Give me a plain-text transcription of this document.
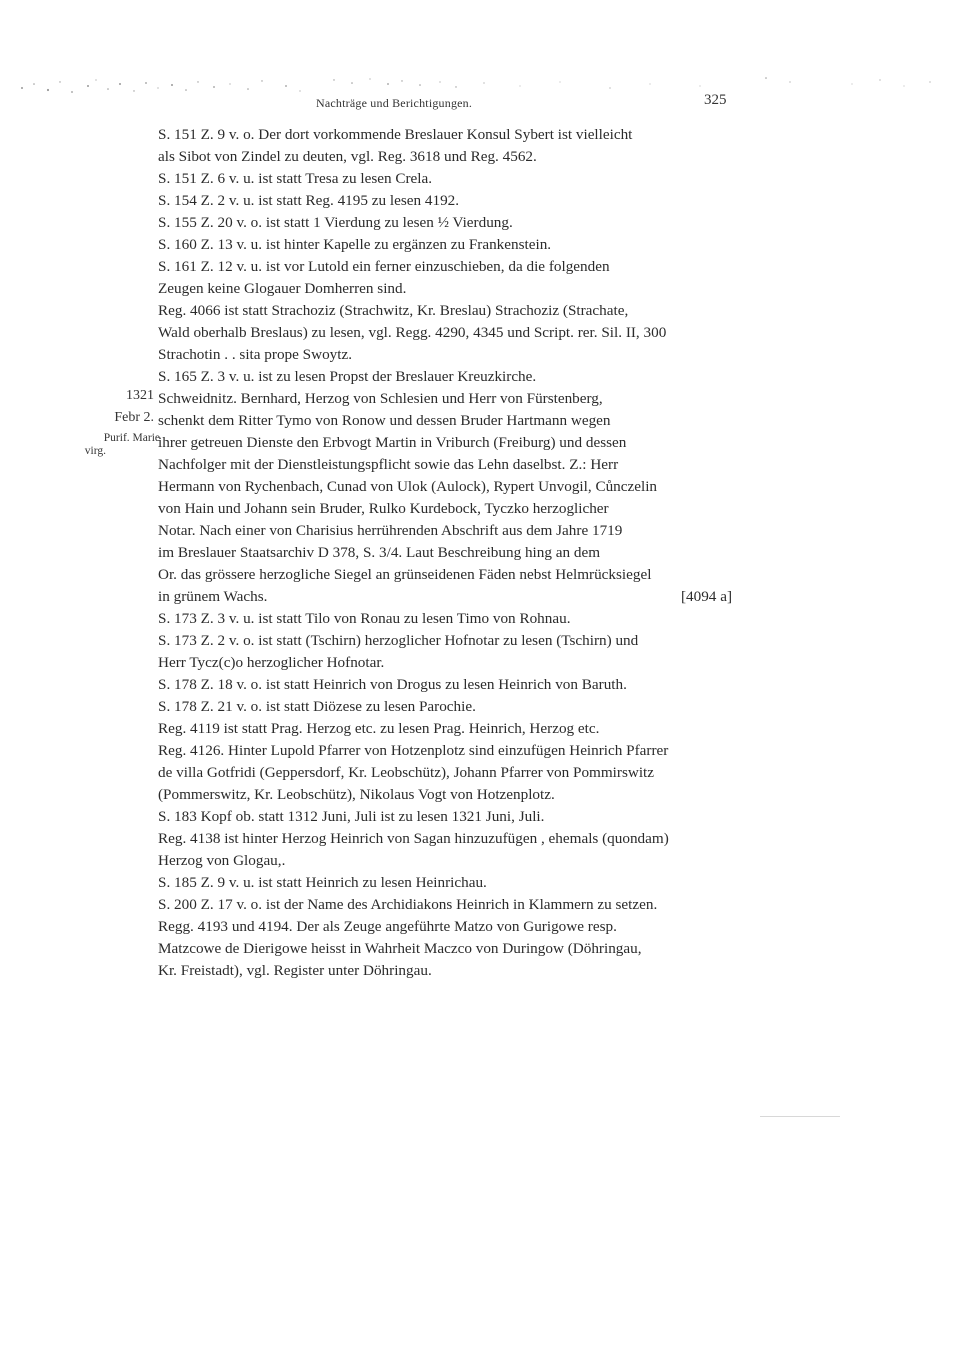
Nachträge und Berichtigungen.	325
1321
Febr 2.
Purif. Marie
virg.
S. 151 Z. 9 v. o. Der dort vorkommende Breslauer Konsul Sybert ist vielleicht
als Sibot von Zindel zu deuten, vgl. Reg. 3618 und Reg. 4562.
S. 151 Z. 6 v. u. ist statt Tresa zu lesen Crela.
S. 154 Z. 2 v. u. ist statt Reg. 4195 zu lesen 4192.
S. 155 Z. 20 v. o. ist statt 1 Vierdung zu lesen ½ Vierdung.
S. 160 Z. 13 v. u. ist hinter Kapelle zu ergänzen zu Frankenstein.
S. 161 Z. 12 v. u. ist vor Lutold ein ferner einzuschieben, da die folgenden
Zeugen keine Glogauer Domherren sind.
Reg. 4066 ist statt Strachoziz (Strachwitz, Kr. Breslau) Strachoziz (Strachate,
Wald oberhalb Breslaus) zu lesen, vgl. Regg. 4290, 4345 und Script. rer. Sil. II, 300
Strachotin . . sita prope Swoytz.
S. 165 Z. 3 v. u. ist zu lesen Propst der Breslauer Kreuzkirche.
Schweidnitz. Bernhard, Herzog von Schlesien und Herr von Fürstenberg,
schenkt dem Ritter Tymo von Ronow und dessen Bruder Hartmann wegen
ihrer getreuen Dienste den Erbvogt Martin in Vriburch (Freiburg) und dessen
Nachfolger mit der Dienstleistungspflicht sowie das Lehn daselbst. Z.: Herr
Hermann von Rychenbach, Cunad von Ulok (Aulock), Rypert Unvogil, Cůnczelin
von Hain und Johann sein Bruder, Rulko Kurdebock, Tyczko herzoglicher
Notar. Nach einer von Charisius herrührenden Abschrift aus dem Jahre 1719
im Breslauer Staatsarchiv D 378, S. 3/4. Laut Beschreibung hing an dem
Or. das grössere herzogliche Siegel an grünseidenen Fäden nebst Helmrücksiegel
in grünem Wachs.	[4094 a]
S. 173 Z. 3 v. u. ist statt Tilo von Ronau zu lesen Timo von Rohnau.
S. 173 Z. 2 v. o. ist statt (Tschirn) herzoglicher Hofnotar zu lesen (Tschirn) und
Herr Tycz(c)o herzoglicher Hofnotar.
S. 178 Z. 18 v. o. ist statt Heinrich von Drogus zu lesen Heinrich von Baruth.
S. 178 Z. 21 v. o. ist statt Diözese zu lesen Parochie.
Reg. 4119 ist statt Prag. Herzog etc. zu lesen Prag. Heinrich, Herzog etc.
Reg. 4126. Hinter Lupold Pfarrer von Hotzenplotz sind einzufügen Heinrich Pfarrer
de villa Gotfridi (Geppersdorf, Kr. Leobschütz), Johann Pfarrer von Pommirswitz
(Pommerswitz, Kr. Leobschütz), Nikolaus Vogt von Hotzenplotz.
S. 183 Kopf ob. statt 1312 Juni, Juli ist zu lesen 1321 Juni, Juli.
Reg. 4138 ist hinter Herzog Heinrich von Sagan hinzuzufügen , ehemals (quondam)
Herzog von Glogau,.
S. 185 Z. 9 v. u. ist statt Heinrich zu lesen Heinrichau.
S. 200 Z. 17 v. o. ist der Name des Archidiakons Heinrich in Klammern zu setzen.
Regg. 4193 und 4194. Der als Zeuge angeführte Matzo von Gurigowe resp.
Matzcowe de Dierigowe heisst in Wahrheit Maczco von Duringow (Döhringau,
Kr. Freistadt), vgl. Register unter Döhringau.
